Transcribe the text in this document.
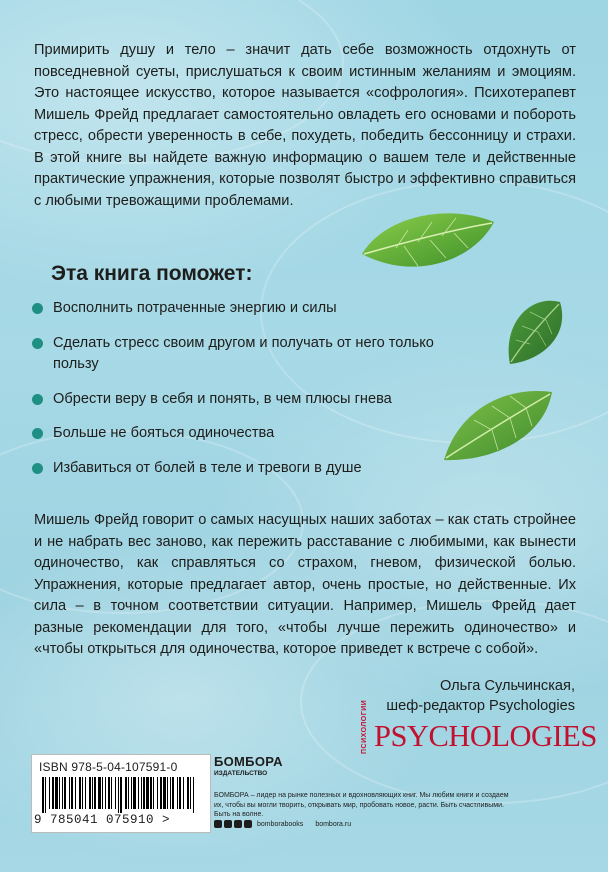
Примирить душу и тело – значит дать себе возможность отдохнуть от повседневной суеты, прислушаться к своим истинным желаниям и эмоциям. Это настоящее искусство, которое называется «софрология». Психотерапевт Мишель Фрейд предлагает самостоятельно овладеть его основами и побороть стресс, обрести уверенность в себе, похудеть, победить бессонницу и страхи. В этой книге вы найдете важную информацию о вашем теле и действенные практические упражнения, которые позволят быстро и эффективно справиться с любыми тревожащими проблемами.

Эта книга поможет:
Восполнить потраченные энергию и силы
Сделать стресс своим другом и получать от него только пользу
Обрести веру в себя и понять, в чем плюсы гнева
Больше не бояться одиночества
Избавиться от болей в теле и тревоги в душе

Мишель Фрейд говорит о самых насущных наших заботах – как стать стройнее и не набрать вес заново, как пережить расставание с любимыми, как вынести одиночество, как справляться со страхом, гневом, физической болью. Упражнения, которые предлагает автор, очень простые, но действенные. Их сила – в точном соответствии ситуации. Например, Мишель Фрейд дает разные рекомендации для того, «чтобы лучше пережить одиночество» и «чтобы открыться для одиночества, которое приведет к встрече с собой».

Ольга Сульчинская,
шеф-редактор Psychologies
ПСИХОЛОГИИ PSYCHOLOGIES
ISBN 978-5-04-107591-0
9 785041 075910 >
БОМБОРА
ИЗДАТЕЛЬСТВО
БОМБОРА – лидер на рынке полезных и вдохновляющих книг. Мы любим книги и создаем их, чтобы вы могли творить, открывать мир, пробовать новое, расти. Быть счастливыми. Быть на волне.
bomborabooks bombora.ru
